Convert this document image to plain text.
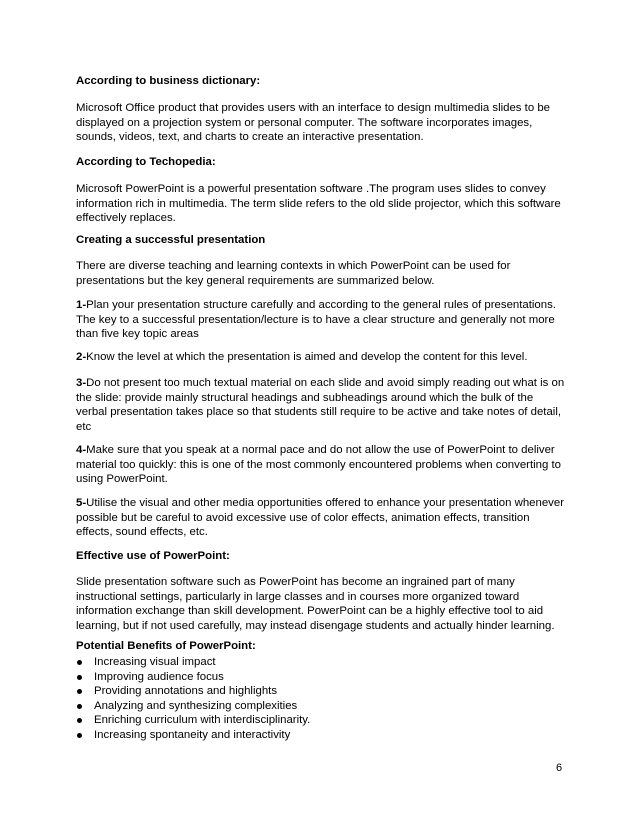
According to business dictionary:

Microsoft Office product that provides users with an interface to design multimedia slides to be displayed on a projection system or personal computer. The software incorporates images, sounds, videos, text, and charts to create an interactive presentation.

According to Techopedia:

Microsoft PowerPoint is a powerful presentation software .The program uses slides to convey information rich in multimedia. The term slide refers to the old slide projector, which this software effectively replaces.

Creating a successful presentation

There are diverse teaching and learning contexts in which PowerPoint can be used for presentations but the key general requirements are summarized below.

1-Plan your presentation structure carefully and according to the general rules of presentations. The key to a successful presentation/lecture is to have a clear structure and generally not more than five key topic areas

2-Know the level at which the presentation is aimed and develop the content for this level.

3-Do not present too much textual material on each slide and avoid simply reading out what is on the slide: provide mainly structural headings and subheadings around which the bulk of the verbal presentation takes place so that students still require to be active and take notes of detail, etc

4-Make sure that you speak at a normal pace and do not allow the use of PowerPoint to deliver material too quickly: this is one of the most commonly encountered problems when converting to using PowerPoint.

5-Utilise the visual and other media opportunities offered to enhance your presentation whenever possible but be careful to avoid excessive use of color effects, animation effects, transition effects, sound effects, etc.

Effective use of PowerPoint:

Slide presentation software such as PowerPoint has become an ingrained part of many instructional settings, particularly in large classes and in courses more organized toward information exchange than skill development. PowerPoint can be a highly effective tool to aid learning, but if not used carefully, may instead disengage students and actually hinder learning.

Potential Benefits of PowerPoint:

Increasing visual impact
Improving audience focus
Providing annotations and highlights
Analyzing and synthesizing complexities
Enriching curriculum with interdisciplinarity.
Increasing spontaneity and interactivity
6
